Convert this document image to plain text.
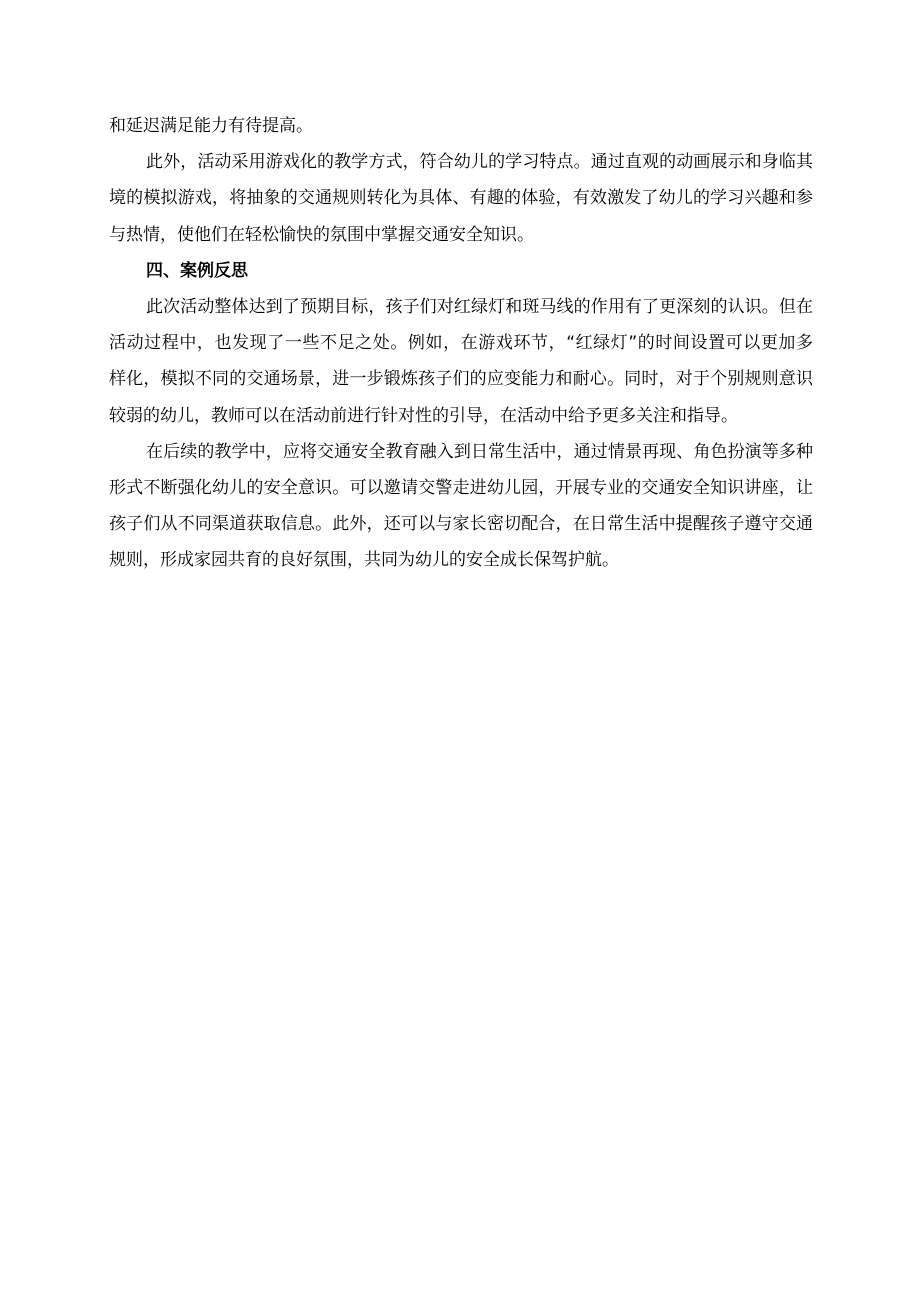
和延迟满足能力有待提高。
此外，活动采用游戏化的教学方式，符合幼儿的学习特点。通过直观的动画展示和身临其
境的模拟游戏，将抽象的交通规则转化为具体、有趣的体验，有效激发了幼儿的学习兴趣和参
与热情，使他们在轻松愉快的氛围中掌握交通安全知识。
四、案例反思
此次活动整体达到了预期目标，孩子们对红绿灯和斑马线的作用有了更深刻的认识。但在
活动过程中，也发现了一些不足之处。例如，在游戏环节，“红绿灯”的时间设置可以更加多
样化，模拟不同的交通场景，进一步锻炼孩子们的应变能力和耐心。同时，对于个别规则意识
较弱的幼儿，教师可以在活动前进行针对性的引导，在活动中给予更多关注和指导。
在后续的教学中，应将交通安全教育融入到日常生活中，通过情景再现、角色扮演等多种
形式不断强化幼儿的安全意识。可以邀请交警走进幼儿园，开展专业的交通安全知识讲座，让
孩子们从不同渠道获取信息。此外，还可以与家长密切配合，在日常生活中提醒孩子遵守交通
规则，形成家园共育的良好氛围，共同为幼儿的安全成长保驾护航。
